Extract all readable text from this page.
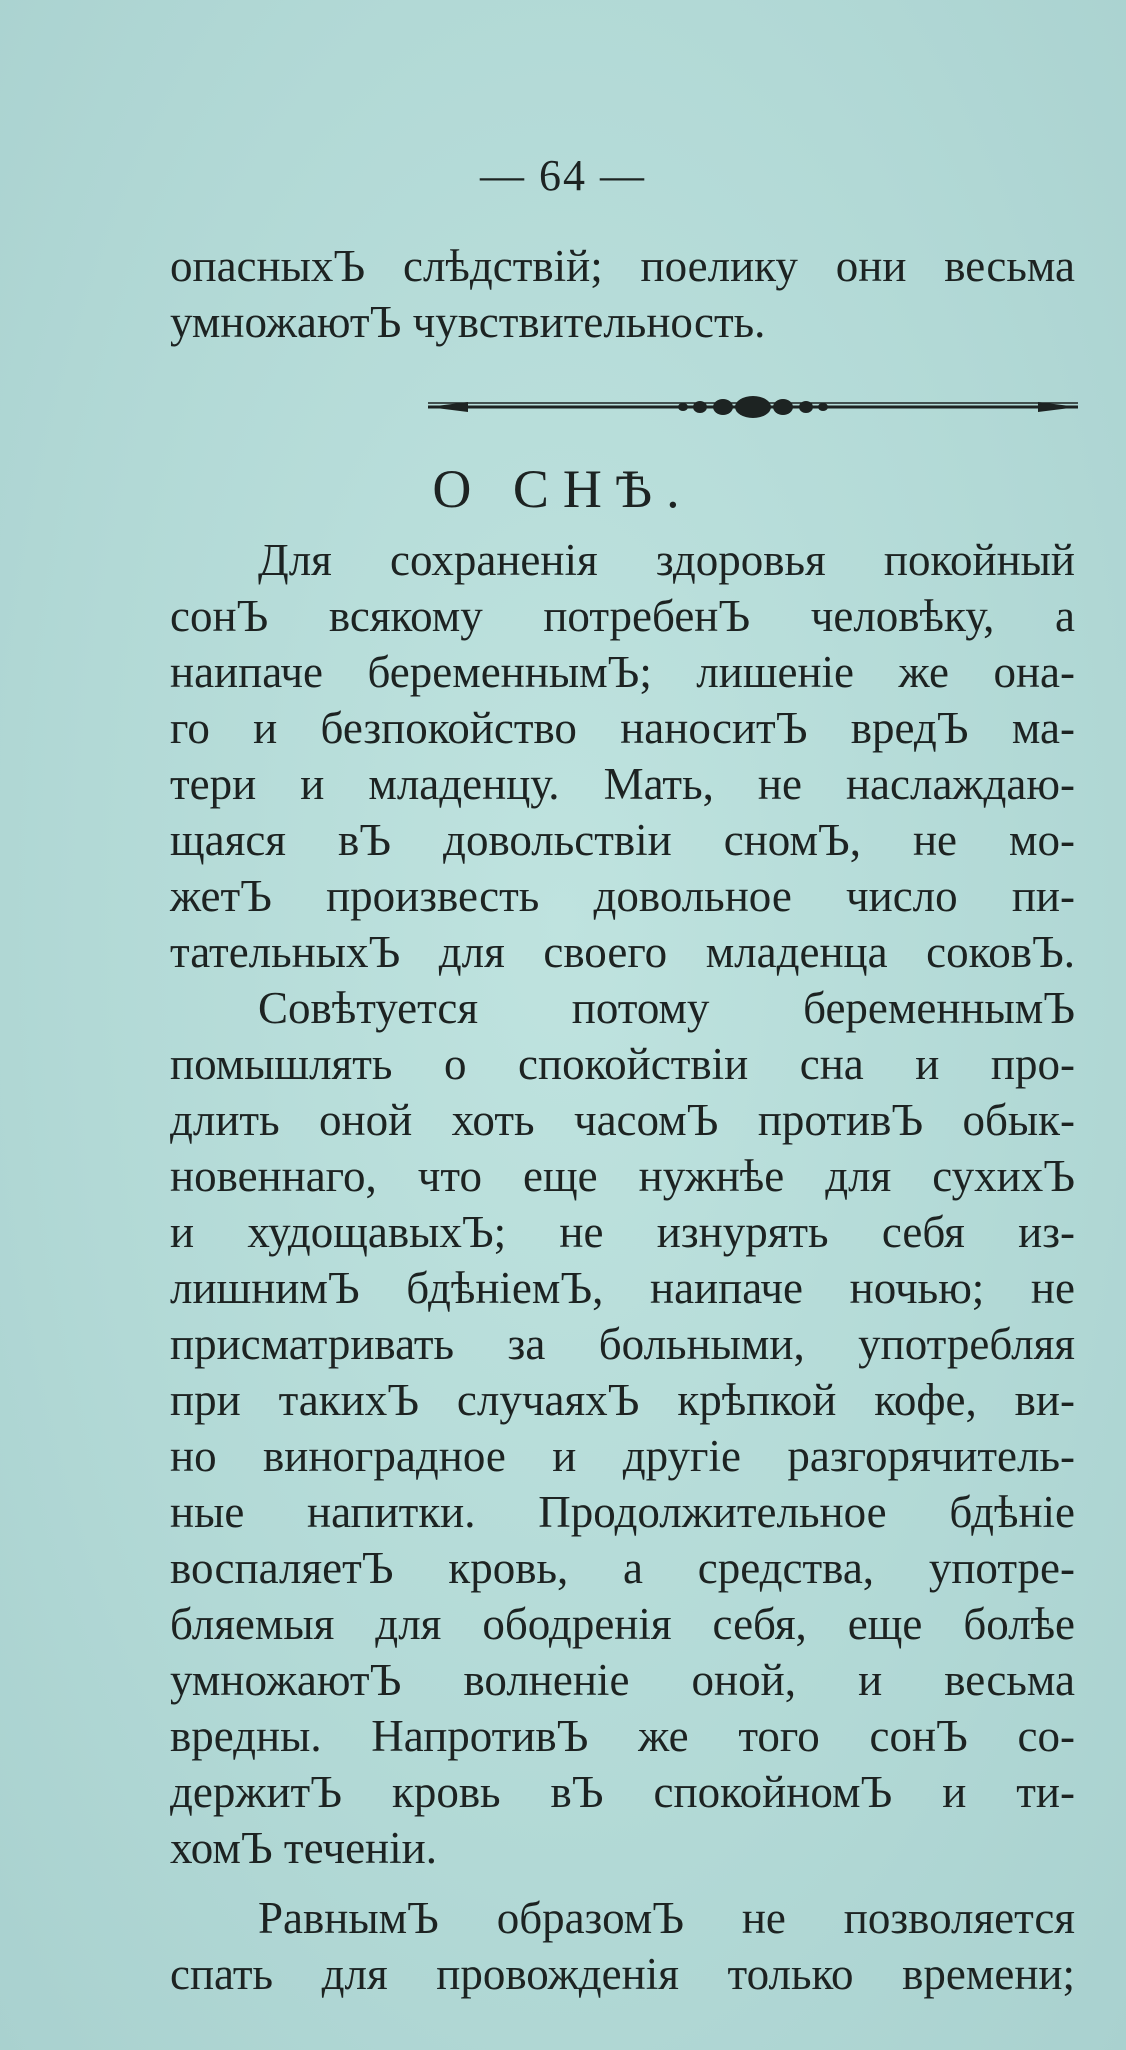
— 64 —
опасныхЪ слѣдствій; поелику они весьма
умножаютЪ чувствительность.
О СНѢ.
Для сохраненія здоровья покойный
сонЪ всякому потребенЪ человѣку, а
наипаче беременнымЪ; лишеніе же она-
го и безпокойство наноситЪ вредЪ ма-
тери и младенцу. Мать, не наслаждаю-
щаяся вЪ довольствіи сномЪ, не мо-
жетЪ произвесть довольное число пи-
тательныхЪ для своего младенца соковЪ.
Совѣтуется потому беременнымЪ
помышлять о спокойствіи сна и про-
длить оной хоть часомЪ противЪ обык-
новеннаго, что еще нужнѣе для сухихЪ
и худощавыхЪ; не изнурять себя из-
лишнимЪ бдѣніемЪ, наипаче ночью; не
присматривать за больными, употребляя
при такихЪ случаяхЪ крѣпкой кофе, ви-
но виноградное и другіе разгорячитель-
ные напитки. Продолжительное бдѣніе
воспаляетЪ кровь, а средства, употре-
бляемыя для ободренія себя, еще болѣе
умножаютЪ волненіе оной, и весьма
вредны. НапротивЪ же того сонЪ со-
держитЪ кровь вЪ спокойномЪ и ти-
хомЪ теченіи.
РавнымЪ образомЪ не позволяется
спать для провожденія только времени;
